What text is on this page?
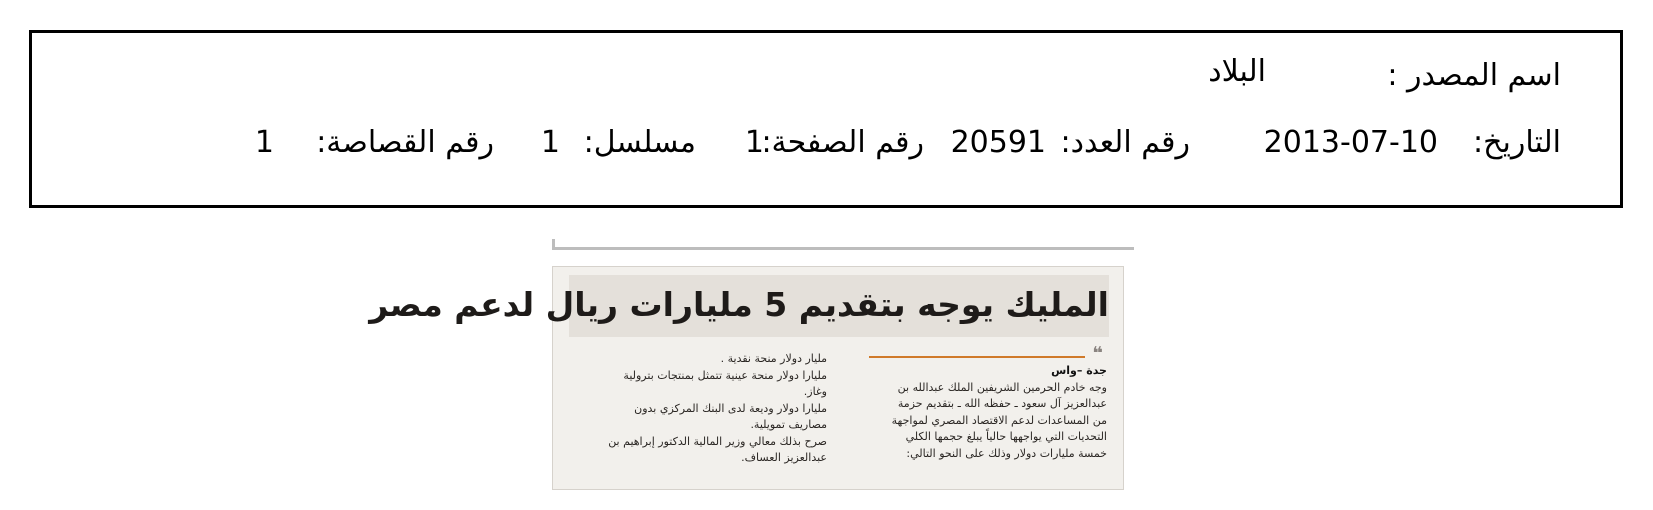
اسم المصدر :
البلاد
التاريخ:
2013-07-10
رقم العدد:
20591
رقم الصفحة:
1
مسلسل:
1
رقم القصاصة:
1
المليك يوجه بتقديم 5 مليارات ريال لدعم مصر
❝
جدة –واس
وجه خادم الحرمين الشريفين الملك عبدالله بن
عبدالعزيز آل سعود ـ حفظه الله ـ بتقديم حزمة
من المساعدات لدعم الاقتصاد المصري لمواجهة
التحديات التي يواجهها حالياً يبلغ حجمها الكلي
خمسة مليارات دولار وذلك على النحو التالي:
مليار دولار منحة نقدية .
مليارا دولار منحة عينية تتمثل بمنتجات بترولية
وغاز.
مليارا دولار وديعة لدى البنك المركزي بدون
مصاريف تمويلية.
صرح بذلك معالي وزير المالية الدكتور إبراهيم بن
عبدالعزيز العساف.
